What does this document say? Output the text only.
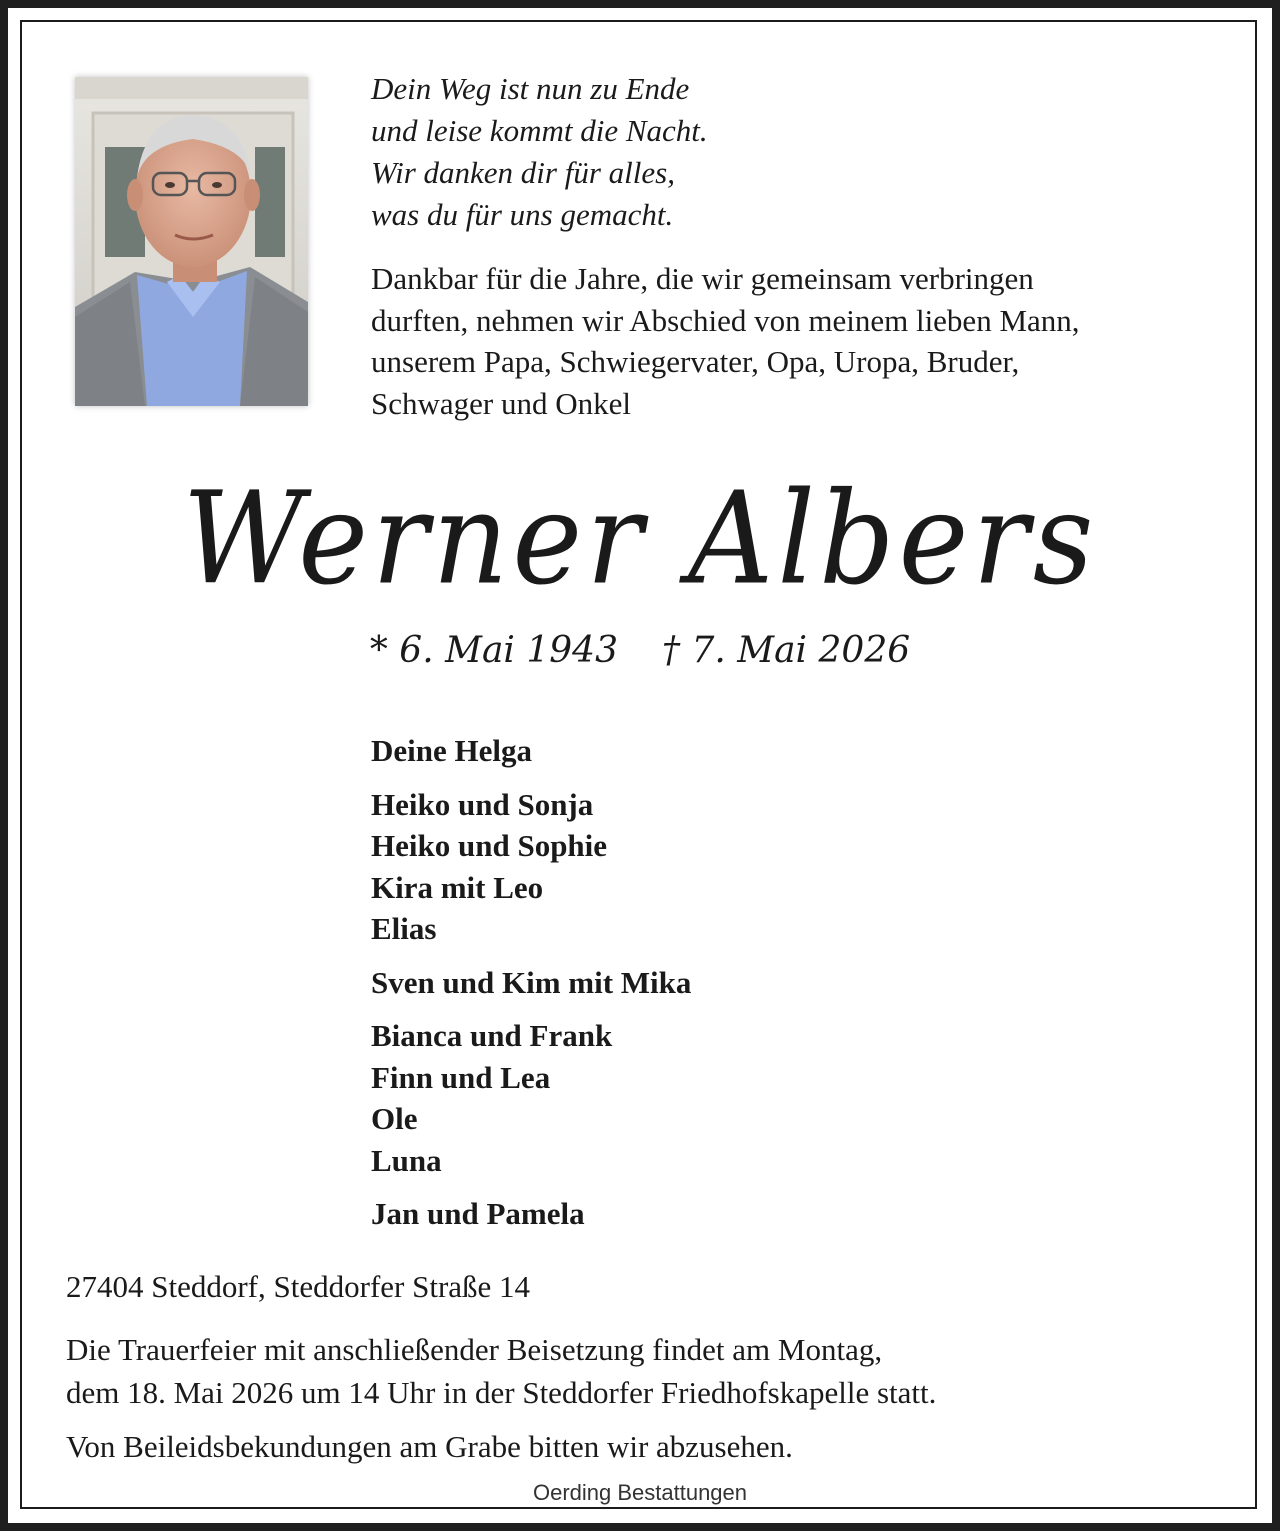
Dein Weg ist nun zu Ende
und leise kommt die Nacht.
Wir danken dir für alles,
was du für uns gemacht.
Dankbar für die Jahre, die wir gemeinsam verbringen
durften, nehmen wir Abschied von meinem lieben Mann,
unserem Papa, Schwiegervater, Opa, Uropa, Bruder,
Schwager und Onkel
Werner Albers
* 6. Mai 1943 † 7. Mai 2026
Deine Helga
Heiko und Sonja
Heiko und Sophie
Kira mit Leo
Elias
Sven und Kim mit Mika
Bianca und Frank
Finn und Lea
Ole
Luna
Jan und Pamela
27404 Steddorf, Steddorfer Straße 14
Die Trauerfeier mit anschließender Beisetzung findet am Montag,
dem 18. Mai 2026 um 14 Uhr in der Steddorfer Friedhofskapelle statt.
Von Beileidsbekundungen am Grabe bitten wir abzusehen.
Oerding Bestattungen
